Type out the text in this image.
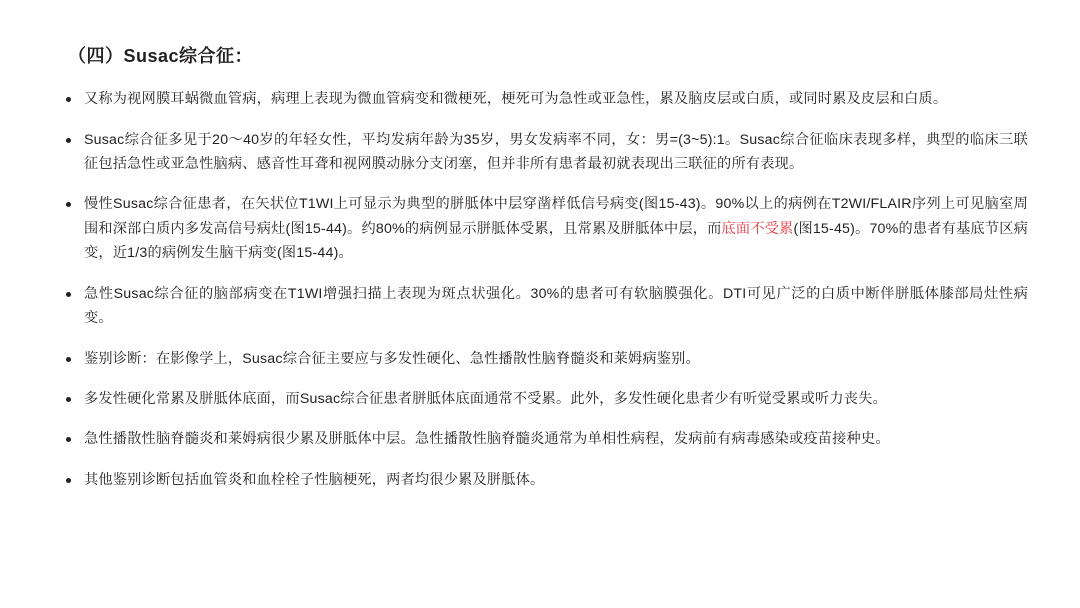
（四）Susac综合征：
又称为视网膜耳蜗微血管病，病理上表现为微血管病变和微梗死，梗死可为急性或亚急性，累及脑皮层或白质，或同时累及皮层和白质。
Susac综合征多见于20～40岁的年轻女性，平均发病年龄为35岁，男女发病率不同，女：男=(3~5):1。Susac综合征临床表现多样，典型的临床三联征包括急性或亚急性脑病、感音性耳聋和视网膜动脉分支闭塞，但并非所有患者最初就表现出三联征的所有表现。
慢性Susac综合征患者，在矢状位T1WI上可显示为典型的胼胝体中层穿凿样低信号病变(图15-43)。90%以上的病例在T2WI/FLAIR序列上可见脑室周围和深部白质内多发高信号病灶(图15-44)。约80%的病例显示胼胝体受累，且常累及胼胝体中层，而底面不受累(图15-45)。70%的患者有基底节区病变，近1/3的病例发生脑干病变(图15-44)。
急性Susac综合征的脑部病变在T1WI增强扫描上表现为斑点状强化。30%的患者可有软脑膜强化。DTI可见广泛的白质中断伴胼胝体膝部局灶性病变。
鉴别诊断：在影像学上，Susac综合征主要应与多发性硬化、急性播散性脑脊髓炎和莱姆病鉴别。
多发性硬化常累及胼胝体底面，而Susac综合征患者胼胝体底面通常不受累。此外，多发性硬化患者少有听觉受累或听力丧失。
急性播散性脑脊髓炎和莱姆病很少累及胼胝体中层。急性播散性脑脊髓炎通常为单相性病程，发病前有病毒感染或疫苗接种史。
其他鉴别诊断包括血管炎和血栓栓子性脑梗死，两者均很少累及胼胝体。
